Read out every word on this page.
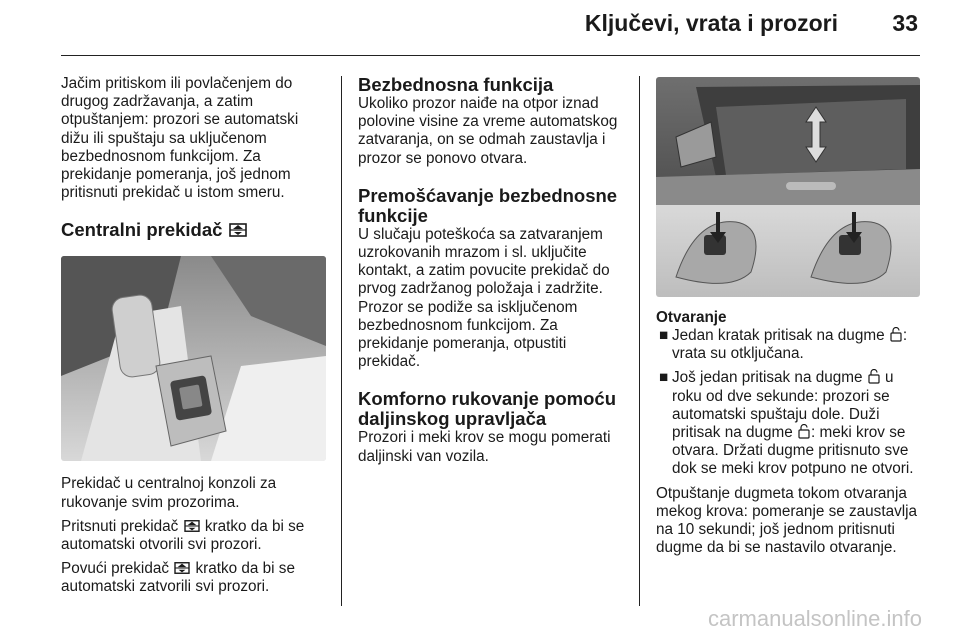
Ključevi, vrata i prozori 33

Jačim pritiskom ili povlačenjem do drugog zadržavanja, a zatim otpuštanjem: prozori se automatski dižu ili spuštaju sa uključenom bezbednosnom funkcijom. Za prekidanje pomeranja, još jednom pritisnuti prekidač u istom smeru.

Centralni prekidač

Prekidač u centralnoj konzoli za rukovanje svim prozorima.

Pritsnuti prekidač kratko da bi se automatski otvorili svi prozori.

Povući prekidač kratko da bi se automatski zatvorili svi prozori.

Bezbednosna funkcija

Ukoliko prozor naiđe na otpor iznad polovine visine za vreme automatskog zatvaranja, on se odmah zaustavlja i prozor se ponovo otvara.

Premošćavanje bezbednosne funkcije

U slučaju poteškoća sa zatvaranjem uzrokovanih mrazom i sl. uključite kontakt, a zatim povucite prekidač do prvog zadržanog položaja i zadržite. Prozor se podiže sa isključenom bezbednosnom funkcijom. Za prekidanje pomeranja, otpustiti prekidač.

Komforno rukovanje pomoću daljinskog upravljača

Prozori i meki krov se mogu pomerati daljinski van vozila.

Otvaranje

■ Jedan kratak pritisak na dugme : vrata su otključana.

■ Još jedan pritisak na dugme u roku od dve sekunde: prozori se automatski spuštaju dole. Duži pritisak na dugme : meki krov se otvara. Držati dugme pritisnuto sve dok se meki krov potpuno ne otvori.

Otpuštanje dugmeta tokom otvaranja mekog krova: pomeranje se zaustavlja na 10 sekundi; još jednom pritisnuti dugme da bi se nastavilo otvaranje.

carmanualsonline.info
